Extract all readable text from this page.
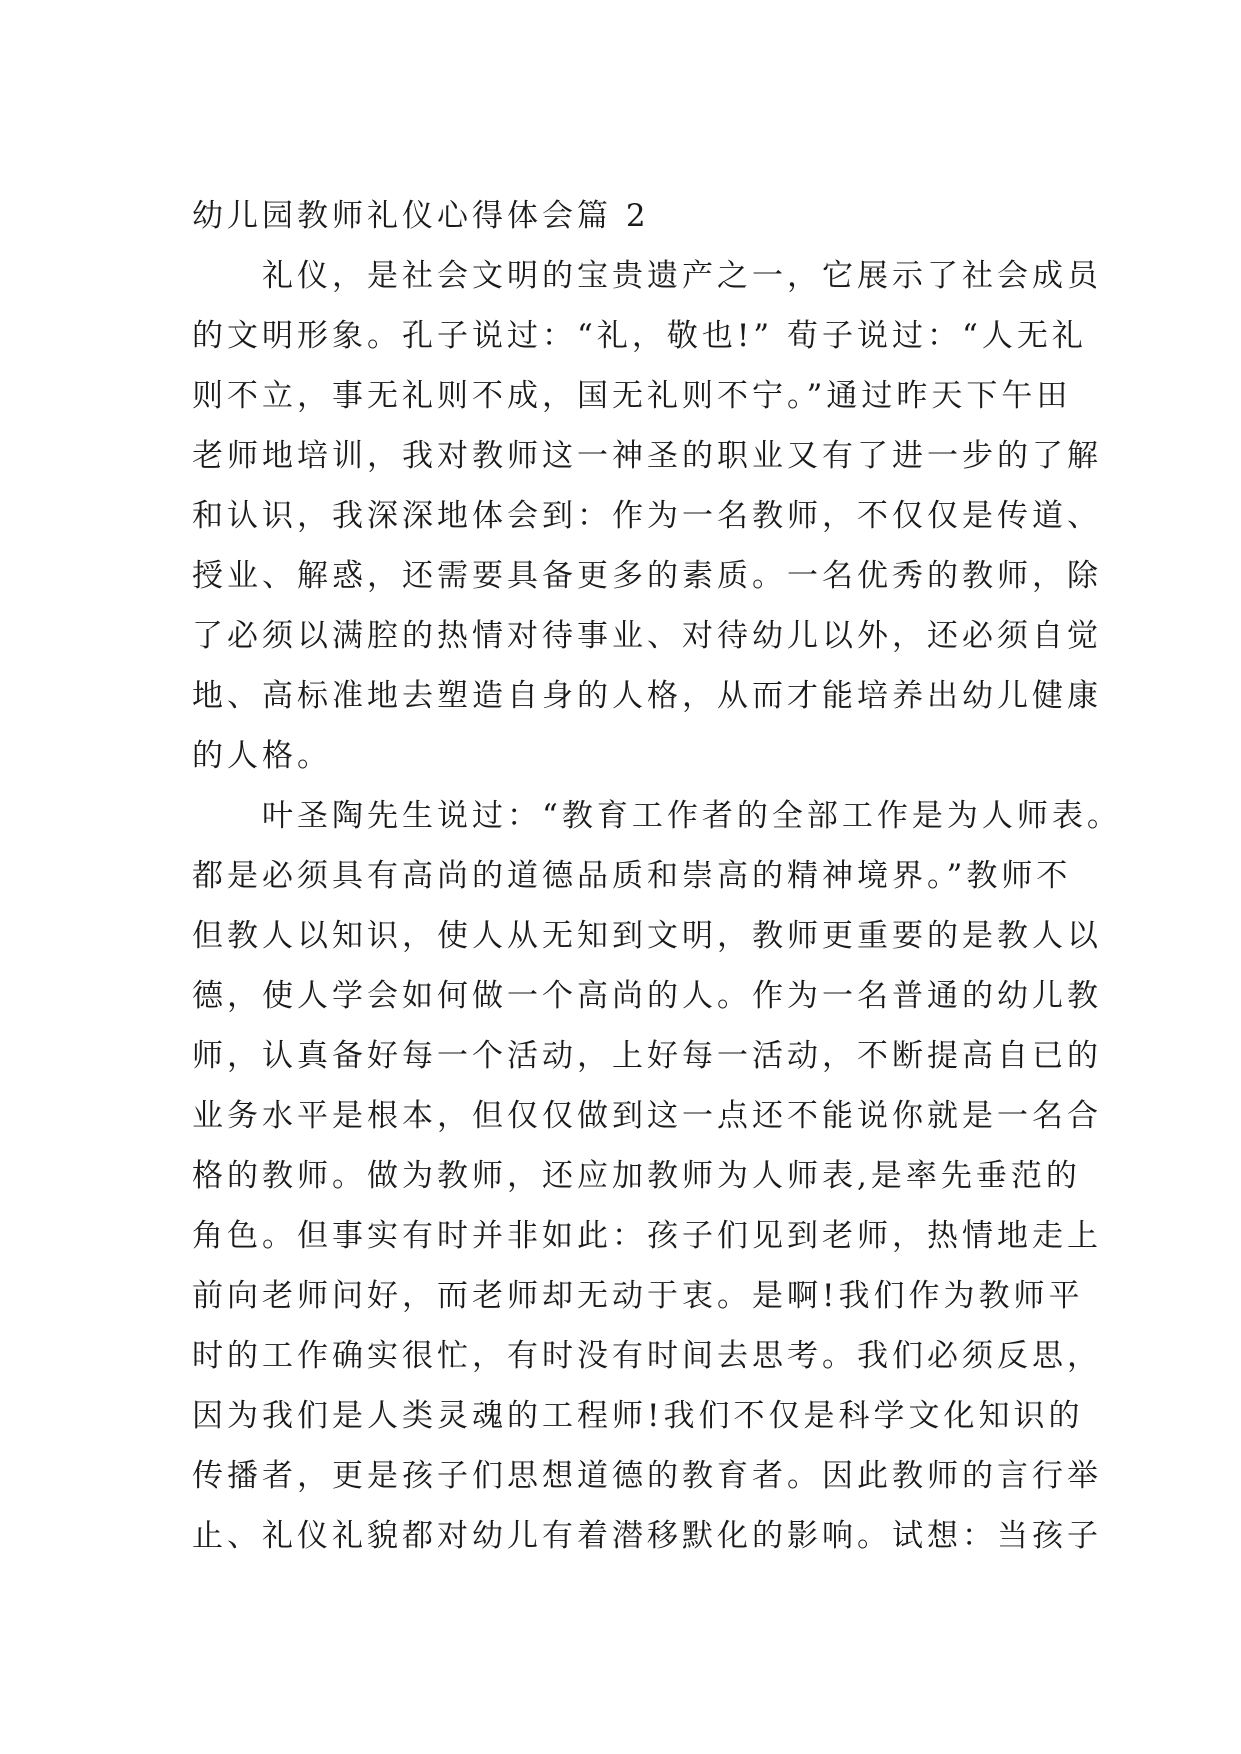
幼儿园教师礼仪心得体会篇 2
礼仪，是社会文明的宝贵遗产之一，它展示了社会成员
的文明形象。孔子说过：“礼，敬也!” 荀子说过：“人无礼
则不立，事无礼则不成，国无礼则不宁。”通过昨天下午田
老师地培训，我对教师这一神圣的职业又有了进一步的了解
和认识，我深深地体会到：作为一名教师，不仅仅是传道、
授业、解惑，还需要具备更多的素质。一名优秀的教师，除
了必须以满腔的热情对待事业、对待幼儿以外，还必须自觉
地、高标准地去塑造自身的人格，从而才能培养出幼儿健康
的人格。
叶圣陶先生说过：“教育工作者的全部工作是为人师表。
都是必须具有高尚的道德品质和崇高的精神境界。”教师不
但教人以知识，使人从无知到文明，教师更重要的是教人以
德，使人学会如何做一个高尚的人。作为一名普通的幼儿教
师，认真备好每一个活动，上好每一活动，不断提高自已的
业务水平是根本，但仅仅做到这一点还不能说你就是一名合
格的教师。做为教师，还应加教师为人师表,是率先垂范的
角色。但事实有时并非如此：孩子们见到老师，热情地走上
前向老师问好，而老师却无动于衷。是啊!我们作为教师平
时的工作确实很忙，有时没有时间去思考。我们必须反思，
因为我们是人类灵魂的工程师!我们不仅是科学文化知识的
传播者，更是孩子们思想道德的教育者。因此教师的言行举
止、礼仪礼貌都对幼儿有着潜移默化的影响。试想：当孩子
